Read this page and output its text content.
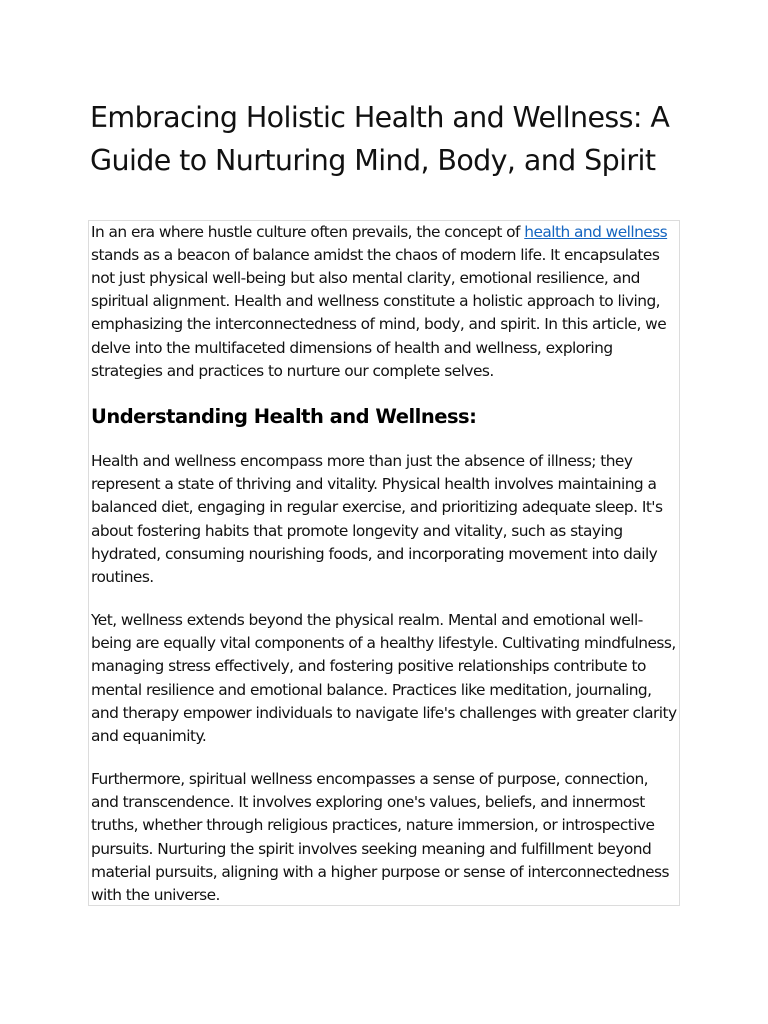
Embracing Holistic Health and Wellness: A Guide to Nurturing Mind, Body, and Spirit

In an era where hustle culture often prevails, the concept of health and wellness stands as a beacon of balance amidst the chaos of modern life. It encapsulates not just physical well-being but also mental clarity, emotional resilience, and spiritual alignment. Health and wellness constitute a holistic approach to living, emphasizing the interconnectedness of mind, body, and spirit. In this article, we delve into the multifaceted dimensions of health and wellness, exploring strategies and practices to nurture our complete selves.

Understanding Health and Wellness:

Health and wellness encompass more than just the absence of illness; they represent a state of thriving and vitality. Physical health involves maintaining a balanced diet, engaging in regular exercise, and prioritizing adequate sleep. It's about fostering habits that promote longevity and vitality, such as staying hydrated, consuming nourishing foods, and incorporating movement into daily routines.

Yet, wellness extends beyond the physical realm. Mental and emotional well-being are equally vital components of a healthy lifestyle. Cultivating mindfulness, managing stress effectively, and fostering positive relationships contribute to mental resilience and emotional balance. Practices like meditation, journaling, and therapy empower individuals to navigate life's challenges with greater clarity and equanimity.

Furthermore, spiritual wellness encompasses a sense of purpose, connection, and transcendence. It involves exploring one's values, beliefs, and innermost truths, whether through religious practices, nature immersion, or introspective pursuits. Nurturing the spirit involves seeking meaning and fulfillment beyond material pursuits, aligning with a higher purpose or sense of interconnectedness with the universe.
